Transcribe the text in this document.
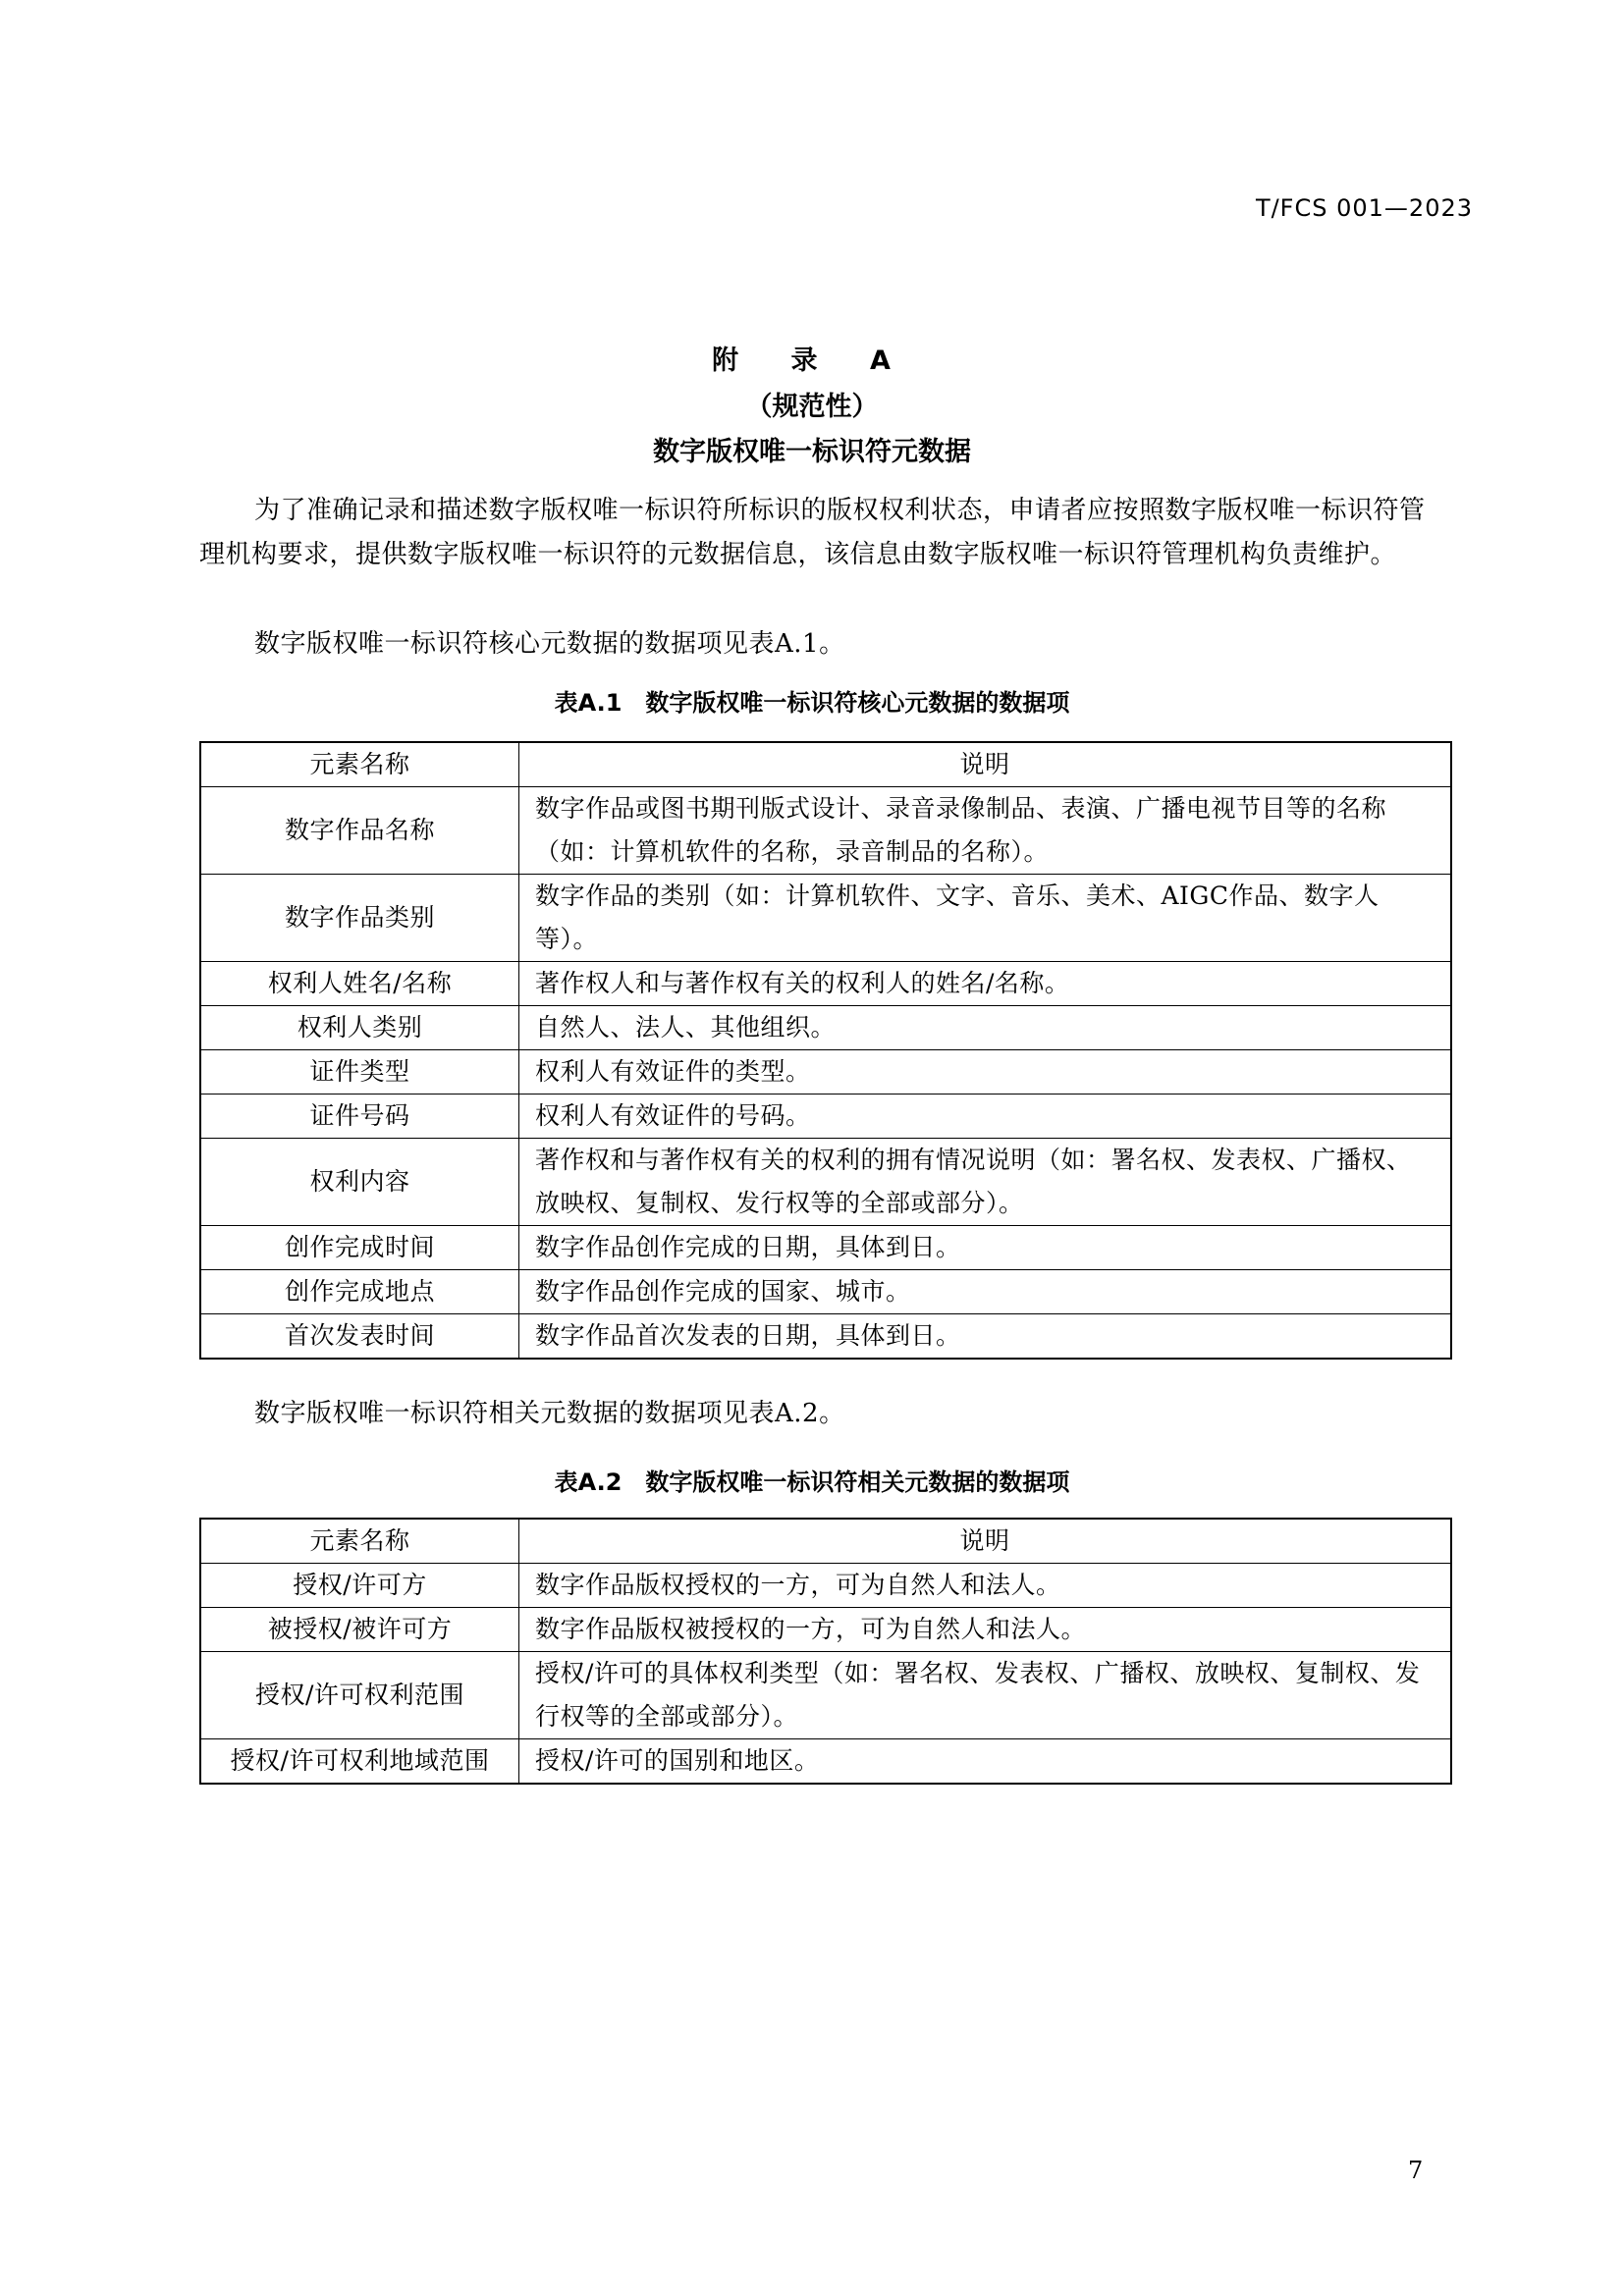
T/FCS 001—2023
附 录 A
（规范性）
数字版权唯一标识符元数据
为了准确记录和描述数字版权唯一标识符所标识的版权权利状态，申请者应按照数字版权唯一标识符管理机构要求，提供数字版权唯一标识符的元数据信息，该信息由数字版权唯一标识符管理机构负责维护。
数字版权唯一标识符核心元数据的数据项见表A.1。
表A.1　数字版权唯一标识符核心元数据的数据项
元素名称	说明
数字作品名称	数字作品或图书期刊版式设计、录音录像制品、表演、广播电视节目等的名称（如：计算机软件的名称，录音制品的名称）。
数字作品类别	数字作品的类别（如：计算机软件、文字、音乐、美术、AIGC作品、数字人等）。
权利人姓名/名称	著作权人和与著作权有关的权利人的姓名/名称。
权利人类别	自然人、法人、其他组织。
证件类型	权利人有效证件的类型。
证件号码	权利人有效证件的号码。
权利内容	著作权和与著作权有关的权利的拥有情况说明（如：署名权、发表权、广播权、放映权、复制权、发行权等的全部或部分）。
创作完成时间	数字作品创作完成的日期，具体到日。
创作完成地点	数字作品创作完成的国家、城市。
首次发表时间	数字作品首次发表的日期，具体到日。
数字版权唯一标识符相关元数据的数据项见表A.2。
表A.2　数字版权唯一标识符相关元数据的数据项
元素名称	说明
授权/许可方	数字作品版权授权的一方，可为自然人和法人。
被授权/被许可方	数字作品版权被授权的一方，可为自然人和法人。
授权/许可权利范围	授权/许可的具体权利类型（如：署名权、发表权、广播权、放映权、复制权、发行权等的全部或部分）。
授权/许可权利地域范围	授权/许可的国别和地区。
7
